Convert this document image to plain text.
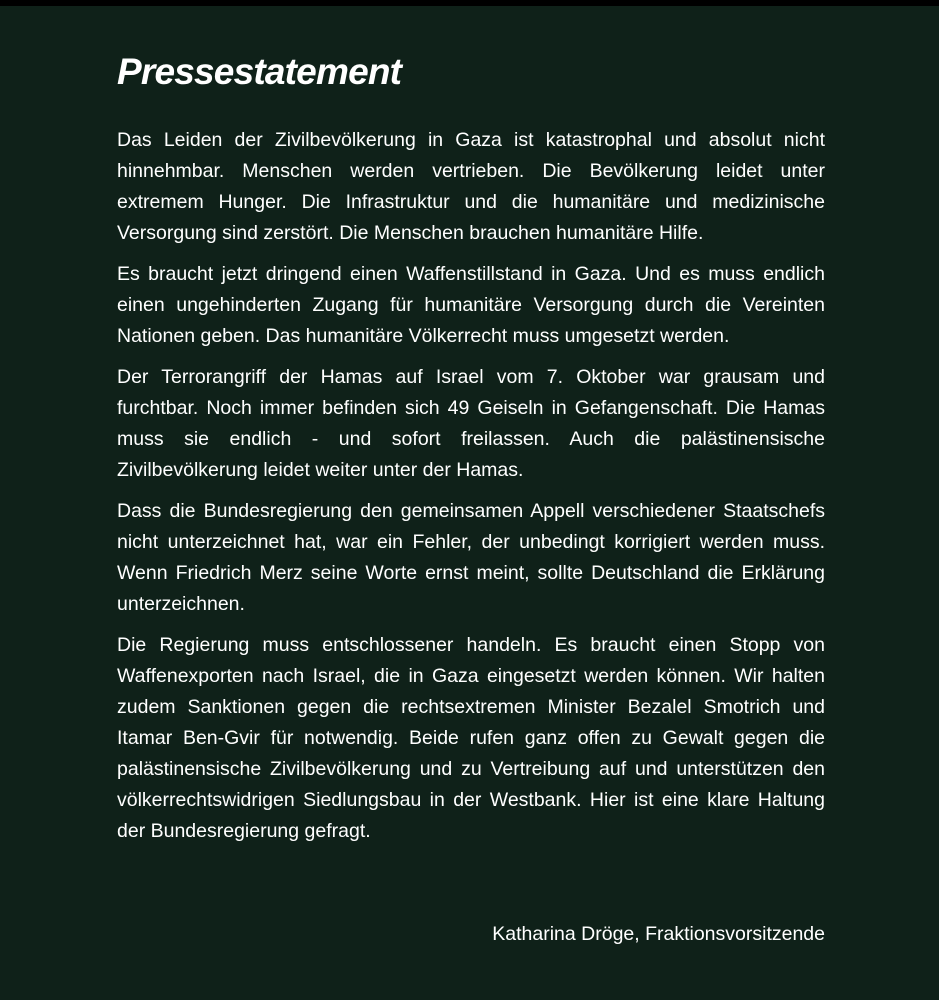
Pressestatement

Das Leiden der Zivilbevölkerung in Gaza ist katastrophal und absolut nicht hinnehmbar. Menschen werden vertrieben. Die Bevölkerung leidet unter extremem Hunger. Die Infrastruktur und die humanitäre und medizinische Versorgung sind zerstört. Die Menschen brauchen humanitäre Hilfe.

Es braucht jetzt dringend einen Waffenstillstand in Gaza. Und es muss endlich einen ungehinderten Zugang für humanitäre Versorgung durch die Vereinten Nationen geben. Das humanitäre Völkerrecht muss umgesetzt werden.

Der Terrorangriff der Hamas auf Israel vom 7. Oktober war grausam und furchtbar. Noch immer befinden sich 49 Geiseln in Gefangenschaft. Die Hamas muss sie endlich - und sofort freilassen. Auch die palästinensische Zivilbevölkerung leidet weiter unter der Hamas.

Dass die Bundesregierung den gemeinsamen Appell verschiedener Staatschefs nicht unterzeichnet hat, war ein Fehler, der unbedingt korrigiert werden muss. Wenn Friedrich Merz seine Worte ernst meint, sollte Deutschland die Erklärung unterzeichnen.

Die Regierung muss entschlossener handeln. Es braucht einen Stopp von Waffenexporten nach Israel, die in Gaza eingesetzt werden können. Wir halten zudem Sanktionen gegen die rechtsextremen Minister Bezalel Smotrich und Itamar Ben-Gvir für notwendig. Beide rufen ganz offen zu Gewalt gegen die palästinensische Zivilbevölkerung und zu Vertreibung auf und unterstützen den völkerrechtswidrigen Siedlungsbau in der Westbank. Hier ist eine klare Haltung der Bundesregierung gefragt.

Katharina Dröge, Fraktionsvorsitzende
